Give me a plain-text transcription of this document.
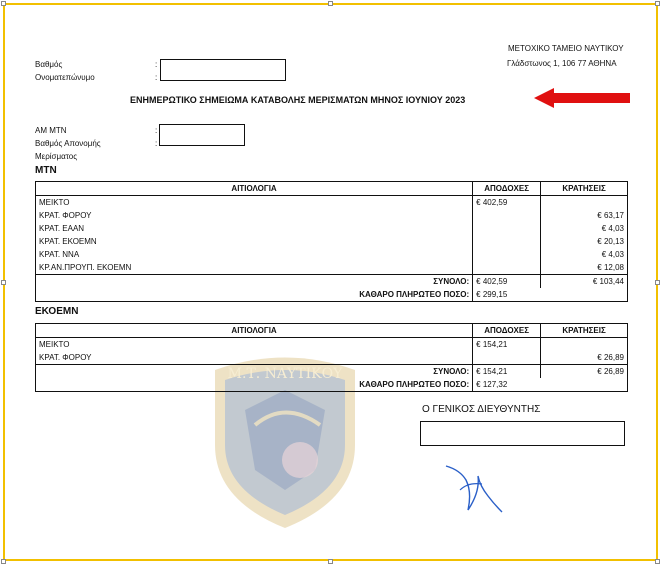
Μ.Τ. ΝΑΥΤΙΚΟΥ
ΜΕΤΟΧΙΚΟ ΤΑΜΕΙΟ ΝΑΥΤΙΚΟΥ
Γλάδστωνος 1, 106 77 ΑΘΗΝΑ
Βαθμός
Ονοματεπώνυμο
:
:
ΕΝΗΜΕΡΩΤΙΚΟ ΣΗΜΕΙΩΜΑ ΚΑΤΑΒΟΛΗΣ ΜΕΡΙΣΜΑΤΩΝ ΜΗΝΟΣ ΙΟΥΝΙΟΥ 2023
ΑΜ ΜΤΝ
Βαθμός Απονομής
Μερίσματος
:
:
ΜΤΝ
ΑΙΤΙΟΛΟΓΙΑ	ΑΠΟΔΟΧΕΣ	ΚΡΑΤΗΣΕΙΣ
ΜΕΙΚΤΟ	€ 402,59	
ΚΡΑΤ. ΦΟΡΟΥ		€ 63,17
ΚΡΑΤ. ΕΑΑΝ		€ 4,03
ΚΡΑΤ. ΕΚΟΕΜΝ		€ 20,13
ΚΡΑΤ. ΝΝΑ		€ 4,03
ΚΡ.ΑΝ.ΠΡΟΥΠ. ΕΚΟΕΜΝ		€ 12,08
ΣΥΝΟΛΟ:	€ 402,59	€ 103,44
ΚΑΘΑΡΟ ΠΛΗΡΩΤΕΟ ΠΟΣΟ:	€ 299,15	
ΕΚΟΕΜΝ
ΑΙΤΙΟΛΟΓΙΑ	ΑΠΟΔΟΧΕΣ	ΚΡΑΤΗΣΕΙΣ
ΜΕΙΚΤΟ	€ 154,21	
ΚΡΑΤ. ΦΟΡΟΥ		€ 26,89
ΣΥΝΟΛΟ:	€ 154,21	€ 26,89
ΚΑΘΑΡΟ ΠΛΗΡΩΤΕΟ ΠΟΣΟ:	€ 127,32	
Ο ΓΕΝΙΚΟΣ ΔΙΕΥΘΥΝΤΗΣ
